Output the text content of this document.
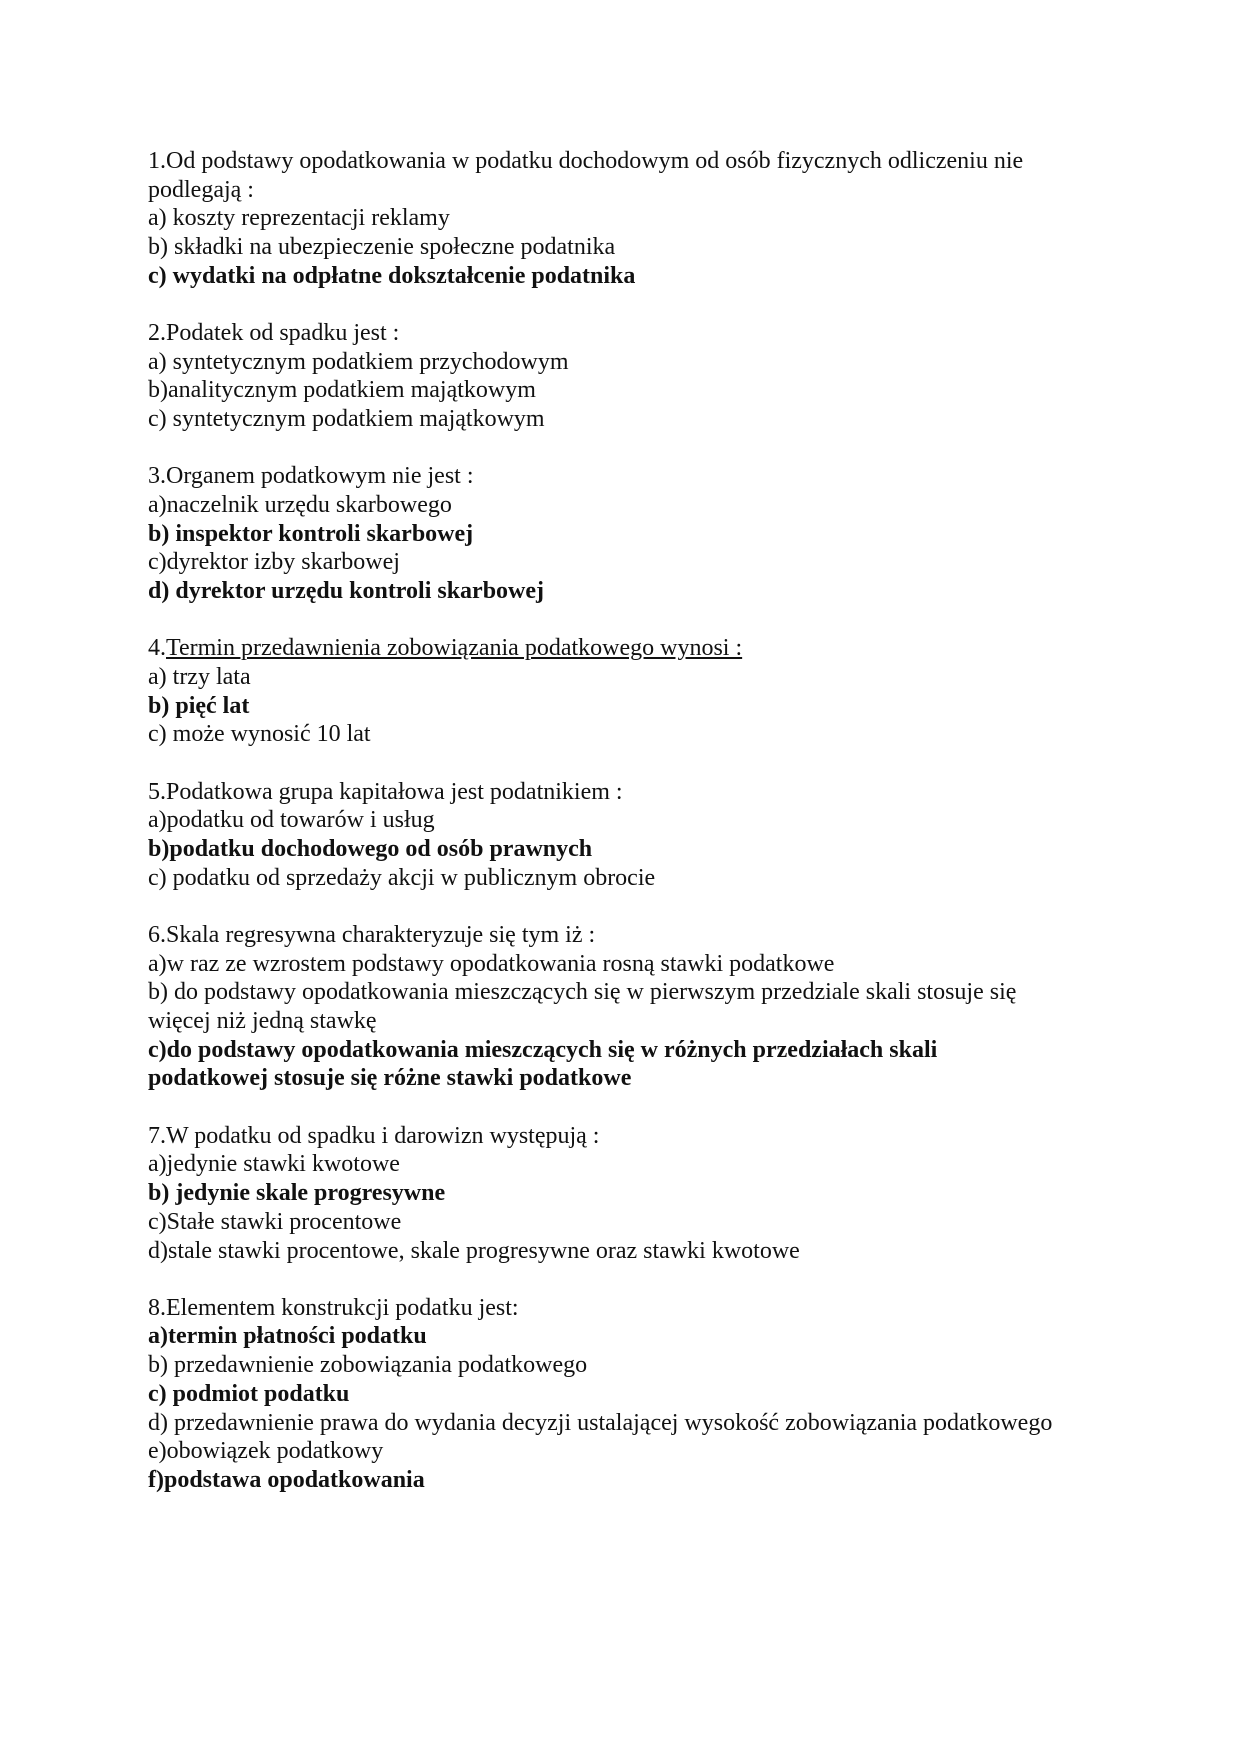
1.Od podstawy opodatkowania w podatku dochodowym od osób fizycznych odliczeniu nie
podlegają :
a) koszty reprezentacji reklamy
b) składki na ubezpieczenie społeczne podatnika
c) wydatki na odpłatne dokształcenie podatnika
2.Podatek od spadku jest :
a) syntetycznym podatkiem przychodowym
b)analitycznym podatkiem majątkowym
c) syntetycznym podatkiem majątkowym
3.Organem podatkowym nie jest :
a)naczelnik urzędu skarbowego
b) inspektor kontroli skarbowej
c)dyrektor izby skarbowej
d) dyrektor urzędu kontroli skarbowej
4.Termin przedawnienia zobowiązania podatkowego wynosi :
a) trzy lata
b) pięć lat
c) może wynosić 10 lat
5.Podatkowa grupa kapitałowa jest podatnikiem :
a)podatku od towarów i usług
b)podatku dochodowego od osób prawnych
c) podatku od sprzedaży akcji w publicznym obrocie
6.Skala regresywna charakteryzuje się tym iż :
a)w raz ze wzrostem podstawy opodatkowania rosną stawki podatkowe
b) do podstawy opodatkowania mieszczących się w pierwszym przedziale skali stosuje się
więcej niż jedną stawkę
c)do podstawy opodatkowania mieszczących się w różnych przedziałach skali
podatkowej stosuje się różne stawki podatkowe
7.W podatku od spadku i darowizn występują :
a)jedynie stawki kwotowe
b) jedynie skale progresywne
c)Stałe stawki procentowe
d)stale stawki procentowe, skale progresywne oraz stawki kwotowe
8.Elementem konstrukcji podatku jest:
a)termin płatności podatku
b) przedawnienie zobowiązania podatkowego
c) podmiot podatku
d) przedawnienie prawa do wydania decyzji ustalającej wysokość zobowiązania podatkowego
e)obowiązek podatkowy
f)podstawa opodatkowania
